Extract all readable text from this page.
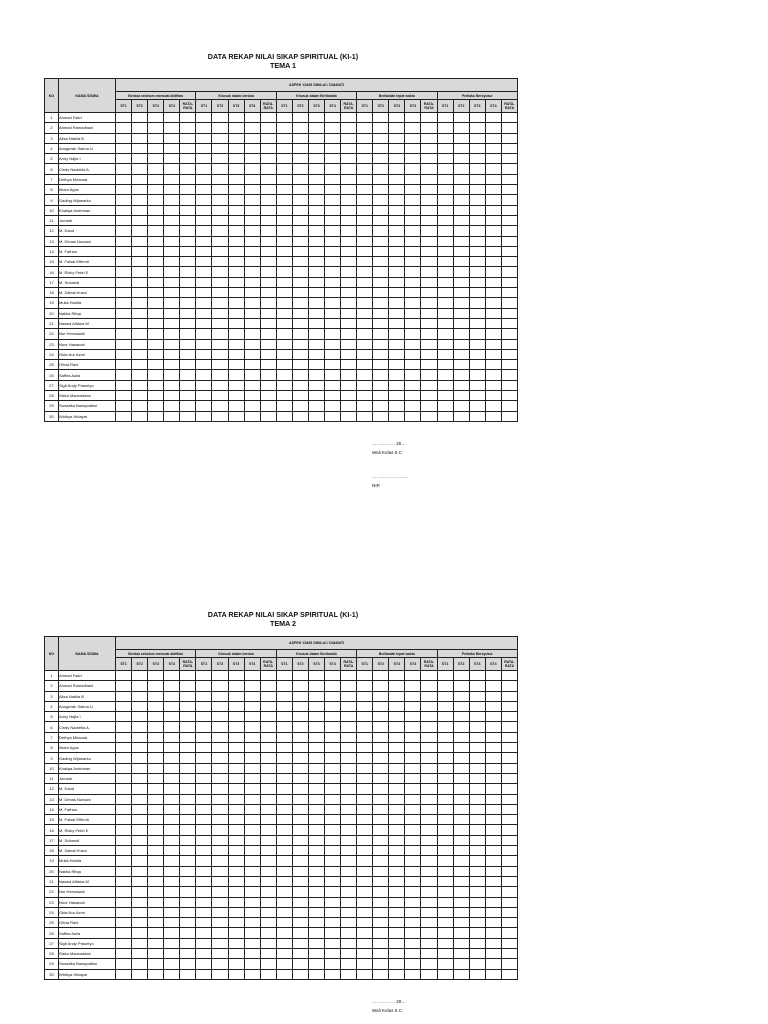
DATA REKAP NILAI SIKAP SPIRITUAL (KI-1)
TEMA 1
NO	NAMA SISWA	ASPEK YANG DINILAI / DIAMATI																								
		Berdoa sebelum memulai aktifitas					Khusuk dalam berdoa					Khusuk dalam Beribadah					Beribadah tepat waktu					Perilaku Bersyukur				
		ST1	ST2	ST3	ST4	RATA-RATA	ST1	ST2	ST3	ST4	RATA-RATA	ST1	ST2	ST3	ST4	RATA-RATA	ST1	ST2	ST3	ST4	RATA-RATA	ST1	ST2	ST3	ST4	RATA-RATA
1	Ahmad Fakri																									
2	Ahmad Ramadhani																									
3	Alisa Nabila B																									
4	Anugerah Salma U.																									
5	Ariny Najla I																									
6	Cindy Nadrella A.																									
7	Dethya Miranda																									
8	Ilham Agus																									
9	Gading Wijanarko																									
10	Khaliqa Andriman																									
11	Jumadi																									
12	M. Daud																									
13	M. Dimas Nursani																									
14	M. Fathan																									
15	M. Faisal Effendi																									
16	M. Rizky Febri E																									
17	M. Subandi																									
18	M. Zainal Husni																									
19	Mulia Hanifa																									
20	Nabila Rifqa																									
21	Naswa Alfiana M																									
22	Nur Hernawati																									
23	Noor Hasanah																									
24	Okta Nur Azmi																									
25	Olivia Rahi																									
26	Saffira Aulia																									
27	Sigit Andy Prasetyo																									
28	Siska Marwaddah																									
29	Swastika Banapratiwi																									
30	Widhya Hidayat																									
…………… 20…
Wali Kelas 5 C
……………………
NIP.
DATA REKAP NILAI SIKAP SPIRITUAL (KI-1)
TEMA 2
NO	NAMA SISWA	ASPEK YANG DINILAI / DIAMATI																								
		Berdoa sebelum memulai aktifitas					Khusuk dalam berdoa					Khusuk dalam Beribadah					Beribadah tepat waktu					Perilaku Bersyukur				
		ST1	ST2	ST3	ST4	RATA-RATA	ST1	ST2	ST3	ST4	RATA-RATA	ST1	ST2	ST3	ST4	RATA-RATA	ST1	ST2	ST3	ST4	RATA-RATA	ST1	ST2	ST3	ST4	RATA-RATA
1	Ahmad Fakri																									
2	Ahmad Ramadhani																									
3	Alisa Nabila B																									
4	Anugerah Salma U.																									
5	Ariny Najla I																									
6	Cindy Nadrella A.																									
7	Dethya Miranda																									
8	Ilham Agus																									
9	Gading Wijanarko																									
10	Khaliqa Andriman																									
11	Jumadi																									
12	M. Daud																									
13	M. Dimas Nursani																									
14	M. Fathan																									
15	M. Faisal Effendi																									
16	M. Rizky Febri E																									
17	M. Subandi																									
18	M. Zainal Husni																									
19	Mulia Hanifa																									
20	Nabila Rifqa																									
21	Naswa Alfiana M																									
22	Nur Hernawati																									
23	Noor Hasanah																									
24	Okta Nur Azmi																									
25	Olivia Rahi																									
26	Saffira Aulia																									
27	Sigit Andy Prasetyo																									
28	Siska Marwaddah																									
29	Swastika Banapratiwi																									
30	Widhya Hidayat																									
…………… 20…
Wali Kelas 5 C
